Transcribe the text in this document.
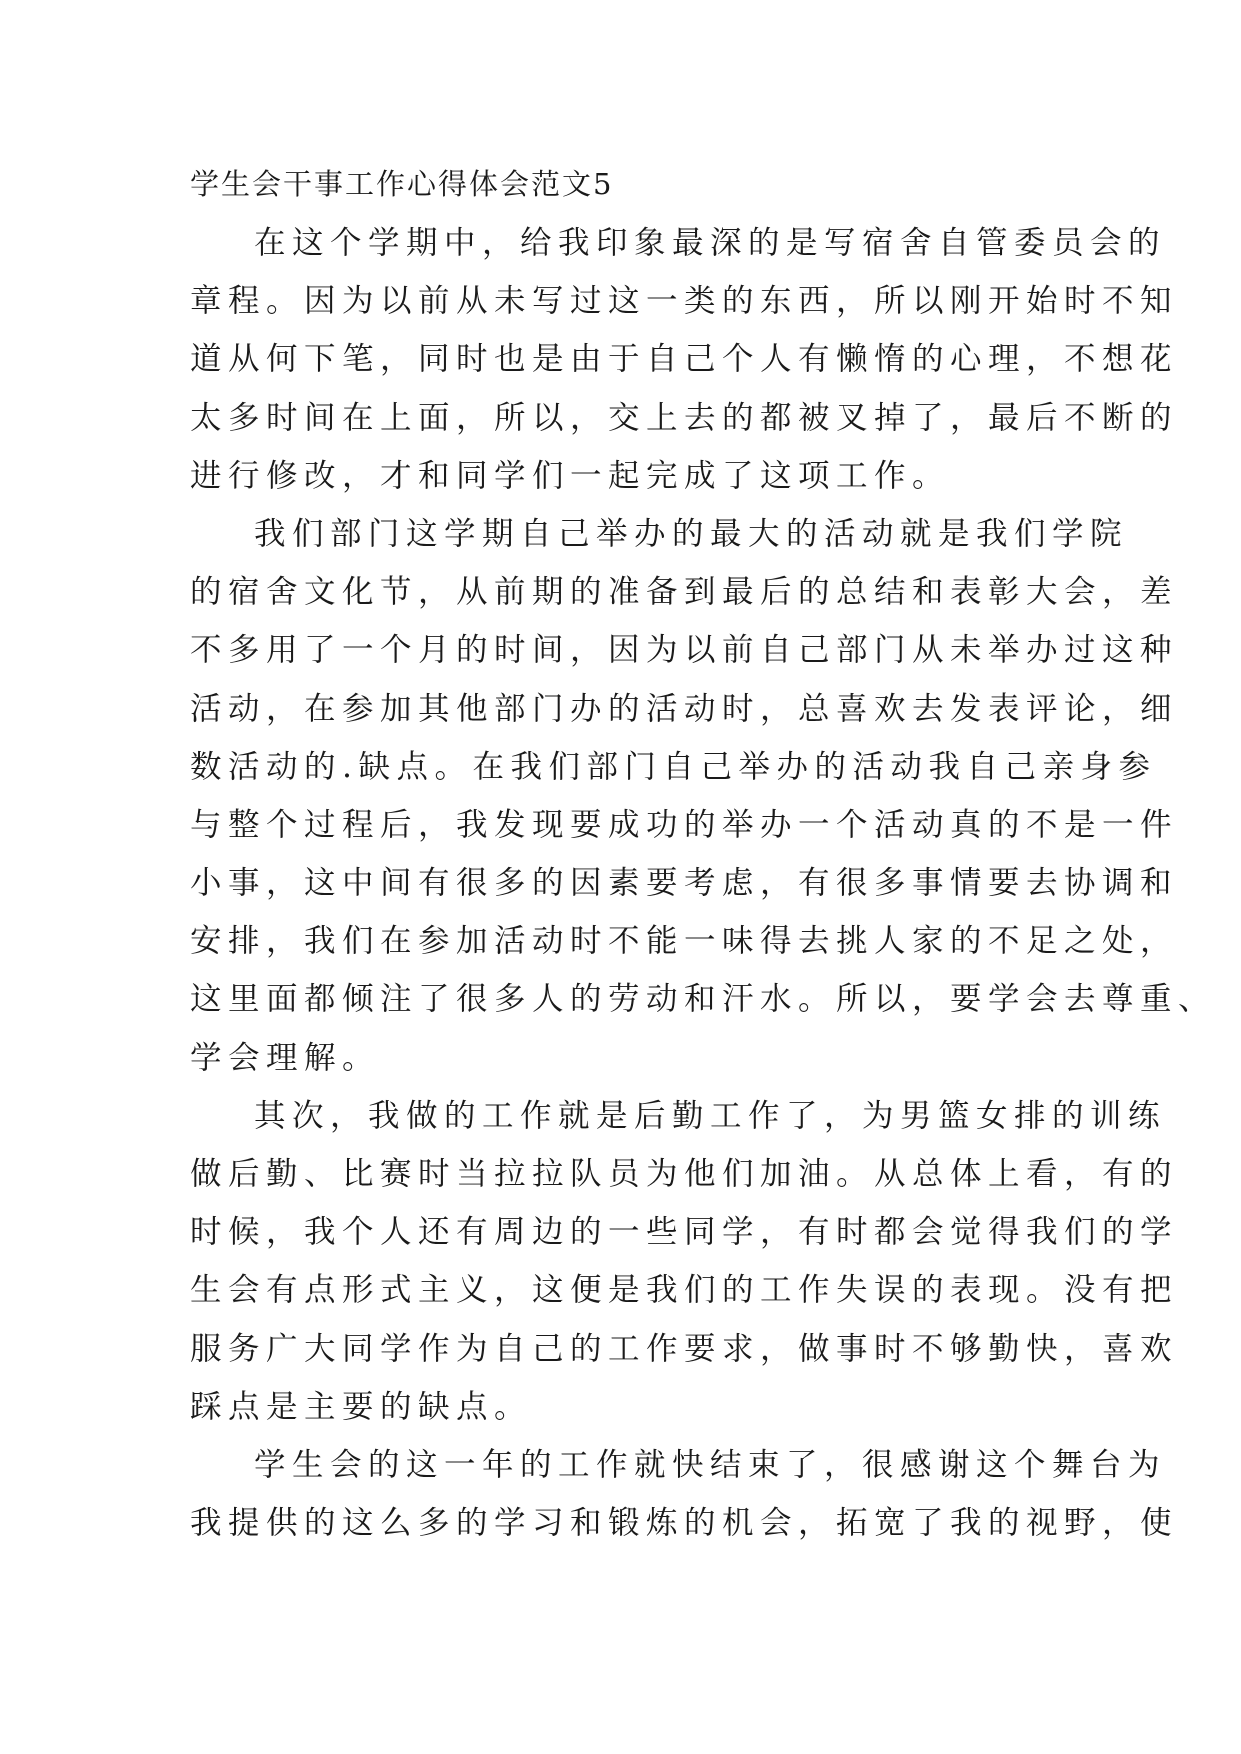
学生会干事工作心得体会范文5
在这个学期中，给我印象最深的是写宿舍自管委员会的
章程。因为以前从未写过这一类的东西，所以刚开始时不知
道从何下笔，同时也是由于自己个人有懒惰的心理，不想花
太多时间在上面，所以，交上去的都被叉掉了，最后不断的
进行修改，才和同学们一起完成了这项工作。
我们部门这学期自己举办的最大的活动就是我们学院
的宿舍文化节，从前期的准备到最后的总结和表彰大会，差
不多用了一个月的时间，因为以前自己部门从未举办过这种
活动，在参加其他部门办的活动时，总喜欢去发表评论，细
数活动的.缺点。在我们部门自己举办的活动我自己亲身参
与整个过程后，我发现要成功的举办一个活动真的不是一件
小事，这中间有很多的因素要考虑，有很多事情要去协调和
安排，我们在参加活动时不能一味得去挑人家的不足之处，
这里面都倾注了很多人的劳动和汗水。所以，要学会去尊重、
学会理解。
其次，我做的工作就是后勤工作了，为男篮女排的训练
做后勤、比赛时当拉拉队员为他们加油。从总体上看，有的
时候，我个人还有周边的一些同学，有时都会觉得我们的学
生会有点形式主义，这便是我们的工作失误的表现。没有把
服务广大同学作为自己的工作要求，做事时不够勤快，喜欢
踩点是主要的缺点。
学生会的这一年的工作就快结束了，很感谢这个舞台为
我提供的这么多的学习和锻炼的机会，拓宽了我的视野，使
